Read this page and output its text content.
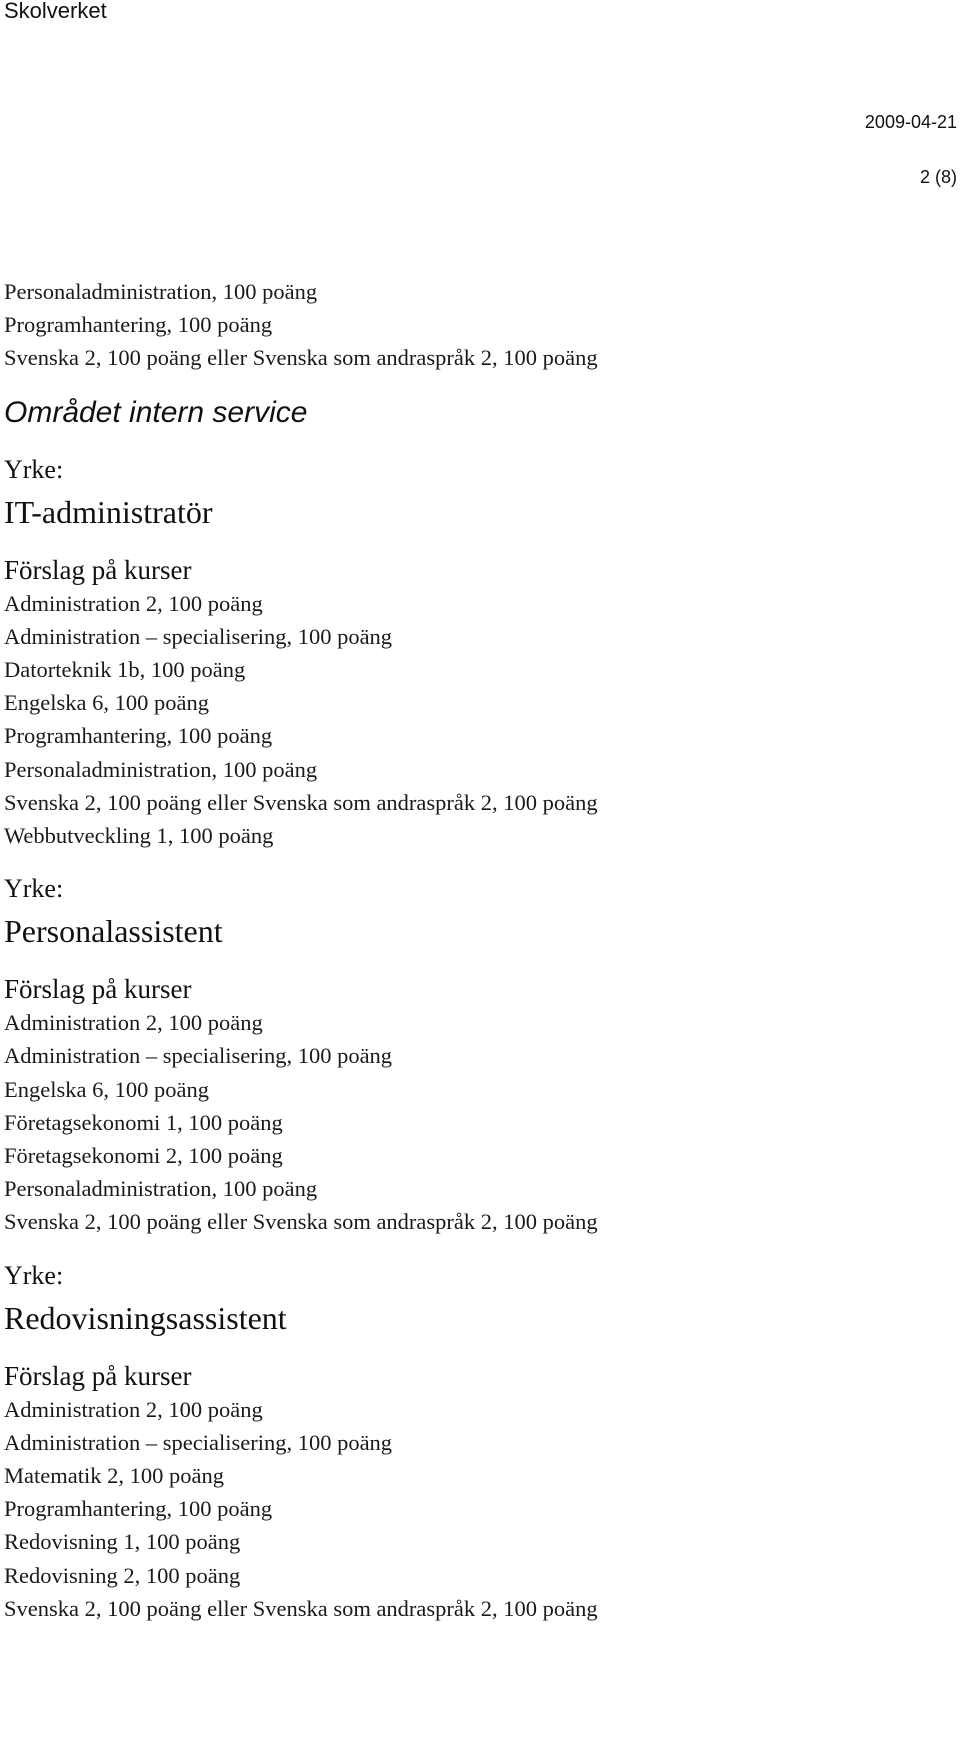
Skolverket
2009-04-21
2 (8)
Personaladministration, 100 poäng
Programhantering, 100 poäng
Svenska 2, 100 poäng eller Svenska som andraspråk 2, 100 poäng
Området intern service
Yrke:
IT-administratör
Förslag på kurser
Administration 2, 100 poäng
Administration – specialisering, 100 poäng
Datorteknik 1b, 100 poäng
Engelska 6, 100 poäng
Programhantering, 100 poäng
Personaladministration, 100 poäng
Svenska 2, 100 poäng eller Svenska som andraspråk 2, 100 poäng
Webbutveckling 1, 100 poäng
Yrke:
Personalassistent
Förslag på kurser
Administration 2, 100 poäng
Administration – specialisering, 100 poäng
Engelska 6, 100 poäng
Företagsekonomi 1, 100 poäng
Företagsekonomi 2, 100 poäng
Personaladministration, 100 poäng
Svenska 2, 100 poäng eller Svenska som andraspråk 2, 100 poäng
Yrke:
Redovisningsassistent
Förslag på kurser
Administration 2, 100 poäng
Administration – specialisering, 100 poäng
Matematik 2, 100 poäng
Programhantering, 100 poäng
Redovisning 1, 100 poäng
Redovisning 2, 100 poäng
Svenska 2, 100 poäng eller Svenska som andraspråk 2, 100 poäng
